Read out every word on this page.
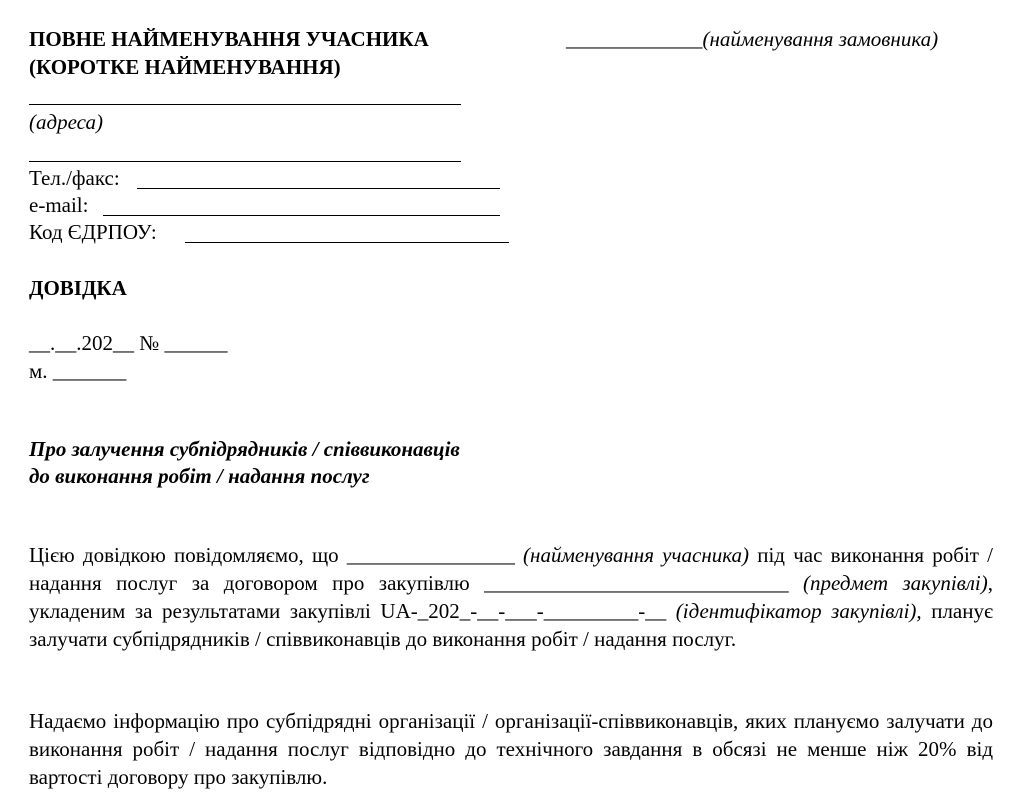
ПОВНЕ НАЙМЕНУВАННЯ УЧАСНИКА
(КОРОТКЕ НАЙМЕНУВАННЯ)
_____________(найменування замовника)
(адреса)
Тел./факс:
e-mail:
Код ЄДРПОУ:
ДОВІДКА
__.__.202__ № ______
м. _______
Про залучення субпідрядників / співвиконавців
до виконання робіт / надання послуг
Цією довідкою повідомляємо, що ________________ (найменування учасника) під час виконання робіт / надання послуг за договором про закупівлю _____________________________ (предмет закупівлі), укладеним за результатами закупівлі UA-_202_-__-___-_________-__ (ідентифікатор закупівлі), планує залучати субпідрядників / співвиконавців до виконання робіт / надання послуг.
Надаємо інформацію про субпідрядні організації / організації-співвиконавців, яких плануємо залучати до виконання робіт / надання послуг відповідно до технічного завдання в обсязі не менше ніж 20% від вартості договору про закупівлю.
